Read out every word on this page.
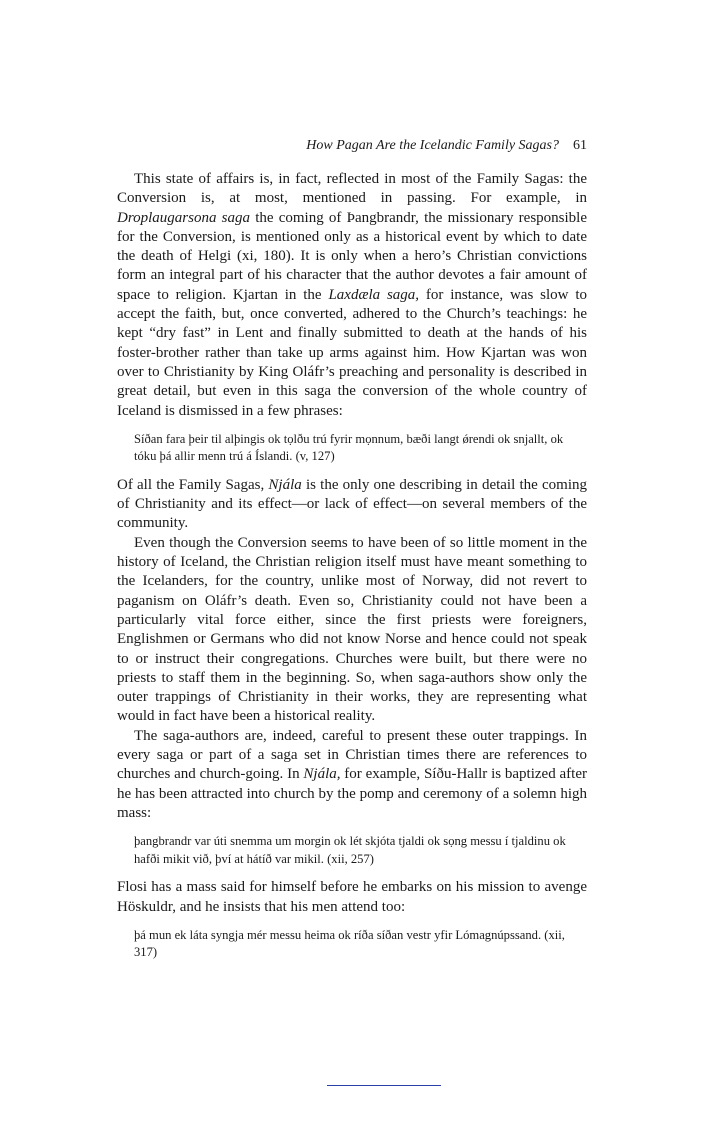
How Pagan Are the Icelandic Family Sagas? 61

This state of affairs is, in fact, reflected in most of the Family Sagas: the Conversion is, at most, mentioned in passing. For example, in Droplaugarsona saga the coming of Þangbrandr, the missionary responsible for the Conversion, is mentioned only as a historical event by which to date the death of Helgi (xi, 180). It is only when a hero’s Christian convictions form an integral part of his character that the author devotes a fair amount of space to religion. Kjartan in the Laxdæla saga, for instance, was slow to accept the faith, but, once converted, adhered to the Church’s teachings: he kept “dry fast” in Lent and finally submitted to death at the hands of his foster-brother rather than take up arms against him. How Kjartan was won over to Christianity by King Oláfr’s preaching and personality is described in great detail, but even in this saga the conversion of the whole country of Iceland is dismissed in a few phrases:

Síðan fara þeir til alþingis ok tọlðu trú fyrir mọnnum, bæði langt ǿrendi ok snjallt, ok tóku þá allir menn trú á Íslandi. (v, 127)

Of all the Family Sagas, Njála is the only one describing in detail the coming of Christianity and its effect—or lack of effect—on several members of the community.

Even though the Conversion seems to have been of so little moment in the history of Iceland, the Christian religion itself must have meant something to the Icelanders, for the country, unlike most of Norway, did not revert to paganism on Oláfr’s death. Even so, Christianity could not have been a particularly vital force either, since the first priests were foreigners, Englishmen or Germans who did not know Norse and hence could not speak to or instruct their congregations. Churches were built, but there were no priests to staff them in the beginning. So, when saga-authors show only the outer trappings of Christianity in their works, they are representing what would in fact have been a historical reality.

The saga-authors are, indeed, careful to present these outer trappings. In every saga or part of a saga set in Christian times there are references to churches and church-going. In Njála, for example, Síðu-Hallr is baptized after he has been attracted into church by the pomp and ceremony of a solemn high mass:

þangbrandr var úti snemma um morgin ok lét skjóta tjaldi ok sọng messu í tjaldinu ok hafði mikit við, því at hátíð var mikil. (xii, 257)

Flosi has a mass said for himself before he embarks on his mission to avenge Höskuldr, and he insists that his men attend too:

þá mun ek láta syngja mér messu heima ok ríða síðan vestr yfir Lómagnúpssand. (xii, 317)
